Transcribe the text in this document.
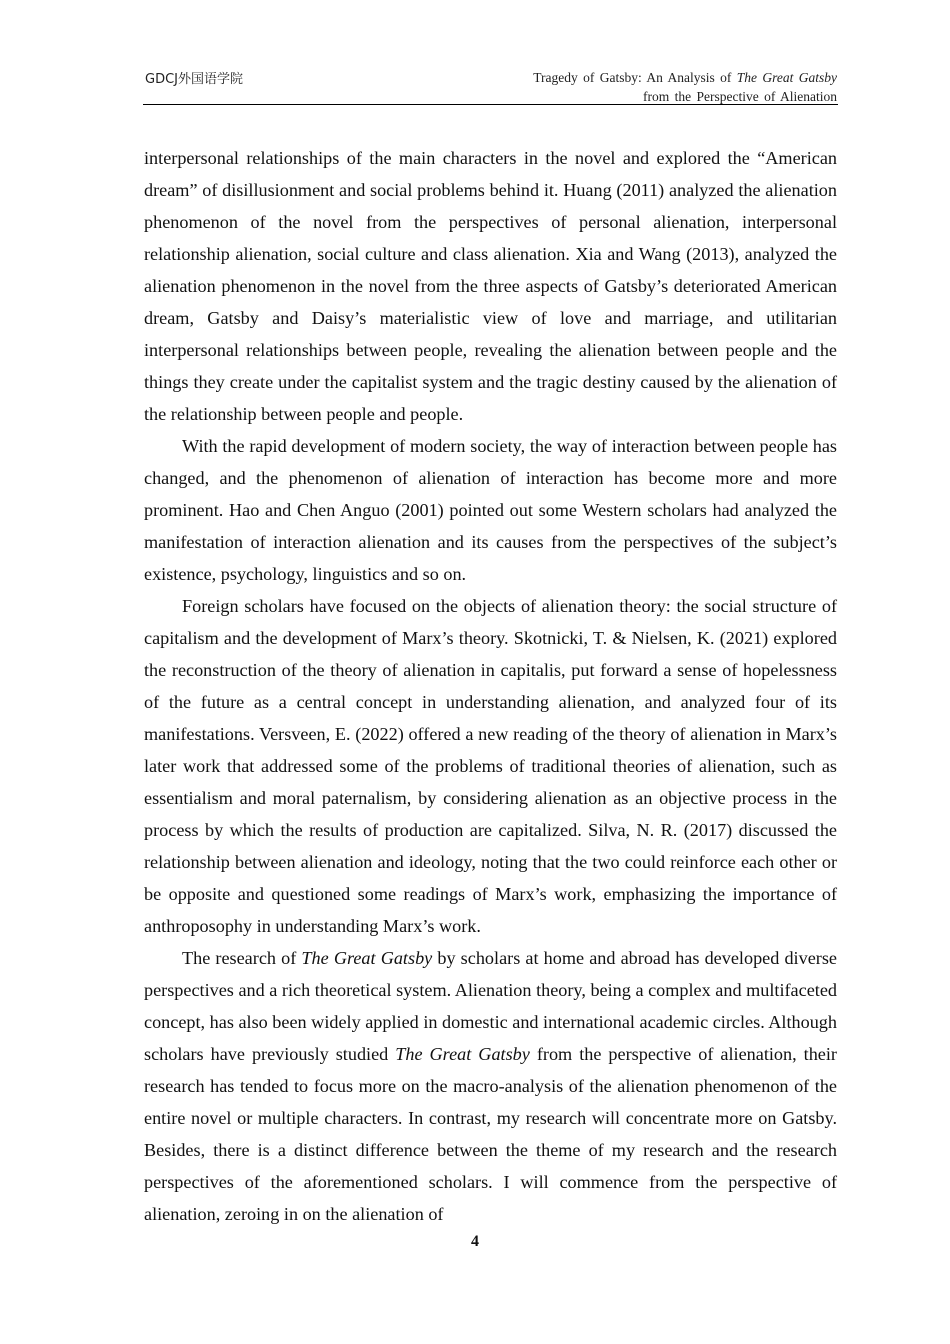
GDCJ外国语学院	Tragedy of Gatsby: An Analysis of The Great Gatsby
from the Perspective of Alienation

interpersonal relationships of the main characters in the novel and explored the “American dream” of disillusionment and social problems behind it. Huang (2011) analyzed the alienation phenomenon of the novel from the perspectives of personal alienation, interpersonal relationship alienation, social culture and class alienation. Xia and Wang (2013), analyzed the alienation phenomenon in the novel from the three aspects of Gatsby’s deteriorated American dream, Gatsby and Daisy’s materialistic view of love and marriage, and utilitarian interpersonal relationships between people, revealing the alienation between people and the things they create under the capitalist system and the tragic destiny caused by the alienation of the relationship between people and people.

With the rapid development of modern society, the way of interaction between people has changed, and the phenomenon of alienation of interaction has become more and more prominent. Hao and Chen Anguo (2001) pointed out some Western scholars had analyzed the manifestation of interaction alienation and its causes from the perspectives of the subject’s existence, psychology, linguistics and so on.

Foreign scholars have focused on the objects of alienation theory: the social structure of capitalism and the development of Marx’s theory. Skotnicki, T. & Nielsen, K. (2021) explored the reconstruction of the theory of alienation in capitalis, put forward a sense of hopelessness of the future as a central concept in understanding alienation, and analyzed four of its manifestations. Versveen, E. (2022) offered a new reading of the theory of alienation in Marx’s later work that addressed some of the problems of traditional theories of alienation, such as essentialism and moral paternalism, by considering alienation as an objective process in the process by which the results of production are capitalized. Silva, N. R. (2017) discussed the relationship between alienation and ideology, noting that the two could reinforce each other or be opposite and questioned some readings of Marx’s work, emphasizing the importance of anthroposophy in understanding Marx’s work.

The research of The Great Gatsby by scholars at home and abroad has developed diverse perspectives and a rich theoretical system. Alienation theory, being a complex and multifaceted concept, has also been widely applied in domestic and international academic circles. Although scholars have previously studied The Great Gatsby from the perspective of alienation, their research has tended to focus more on the macro-analysis of the alienation phenomenon of the entire novel or multiple characters. In contrast, my research will concentrate more on Gatsby. Besides, there is a distinct difference between the theme of my research and the research perspectives of the aforementioned scholars. I will commence from the perspective of alienation, zeroing in on the alienation of

4
